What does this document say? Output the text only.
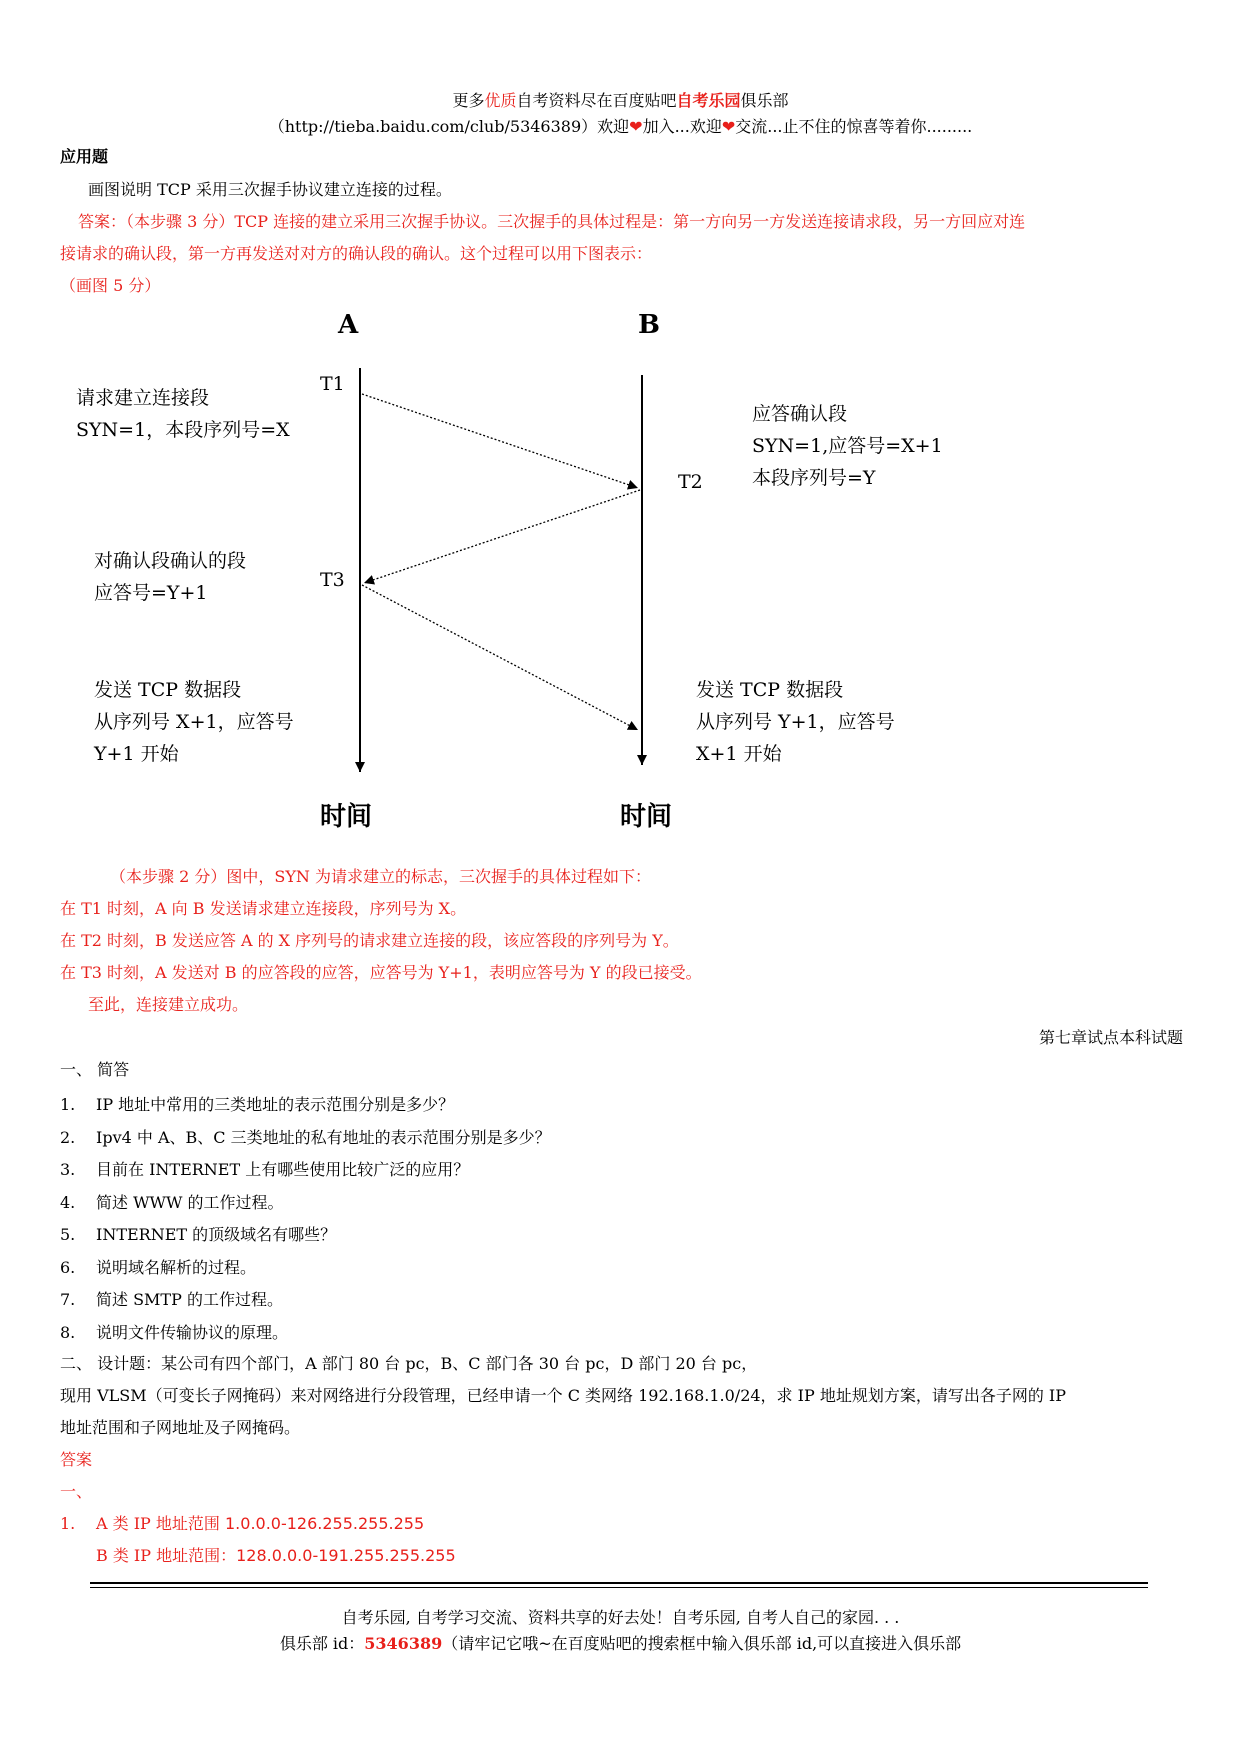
更多优质自考资料尽在百度贴吧自考乐园俱乐部
（http://tieba.baidu.com/club/5346389）欢迎❤加入...欢迎❤交流...止不住的惊喜等着你.........
应用题
画图说明 TCP 采用三次握手协议建立连接的过程。
答案：（本步骤 3 分）TCP 连接的建立采用三次握手协议。三次握手的具体过程是：第一方向另一方发送连接请求段，另一方回应对连
接请求的确认段，第一方再发送对对方的确认段的确认。这个过程可以用下图表示：
（画图 5 分）
A	B
T1
T2
T3
请求建立连接段
SYN=1，本段序列号=X
应答确认段
SYN=1,应答号=X+1
本段序列号=Y
对确认段确认的段
应答号=Y+1
发送 TCP 数据段
从序列号 X+1，应答号
Y+1 开始
发送 TCP 数据段
从序列号 Y+1，应答号
X+1 开始
时间	时间
（本步骤 2 分）图中，SYN 为请求建立的标志，三次握手的具体过程如下：
在 T1 时刻，A 向 B 发送请求建立连接段，序列号为 X。
在 T2 时刻，B 发送应答 A 的 X 序列号的请求建立连接的段，该应答段的序列号为 Y。
在 T3 时刻，A 发送对 B 的应答段的应答，应答号为 Y+1，表明应答号为 Y 的段已接受。
至此，连接建立成功。
第七章试点本科试题
一、 简答
1. IP 地址中常用的三类地址的表示范围分别是多少？
2. Ipv4 中 A、B、C 三类地址的私有地址的表示范围分别是多少？
3. 目前在 INTERNET 上有哪些使用比较广泛的应用？
4. 简述 WWW 的工作过程。
5. INTERNET 的顶级域名有哪些？
6. 说明域名解析的过程。
7. 简述 SMTP 的工作过程。
8. 说明文件传输协议的原理。
二、 设计题：某公司有四个部门，A 部门 80 台 pc，B、C 部门各 30 台 pc，D 部门 20 台 pc，
现用 VLSM（可变长子网掩码）来对网络进行分段管理，已经申请一个 C 类网络 192.168.1.0/24，求 IP 地址规划方案，请写出各子网的 IP
地址范围和子网地址及子网掩码。
答案
一、
1. A 类 IP 地址范围 1.0.0.0-126.255.255.255
B 类 IP 地址范围：128.0.0.0-191.255.255.255
自考乐园, 自考学习交流、资料共享的好去处！自考乐园, 自考人自己的家园. . .
俱乐部 id：5346389（请牢记它哦~在百度贴吧的搜索框中输入俱乐部 id,可以直接进入俱乐部
